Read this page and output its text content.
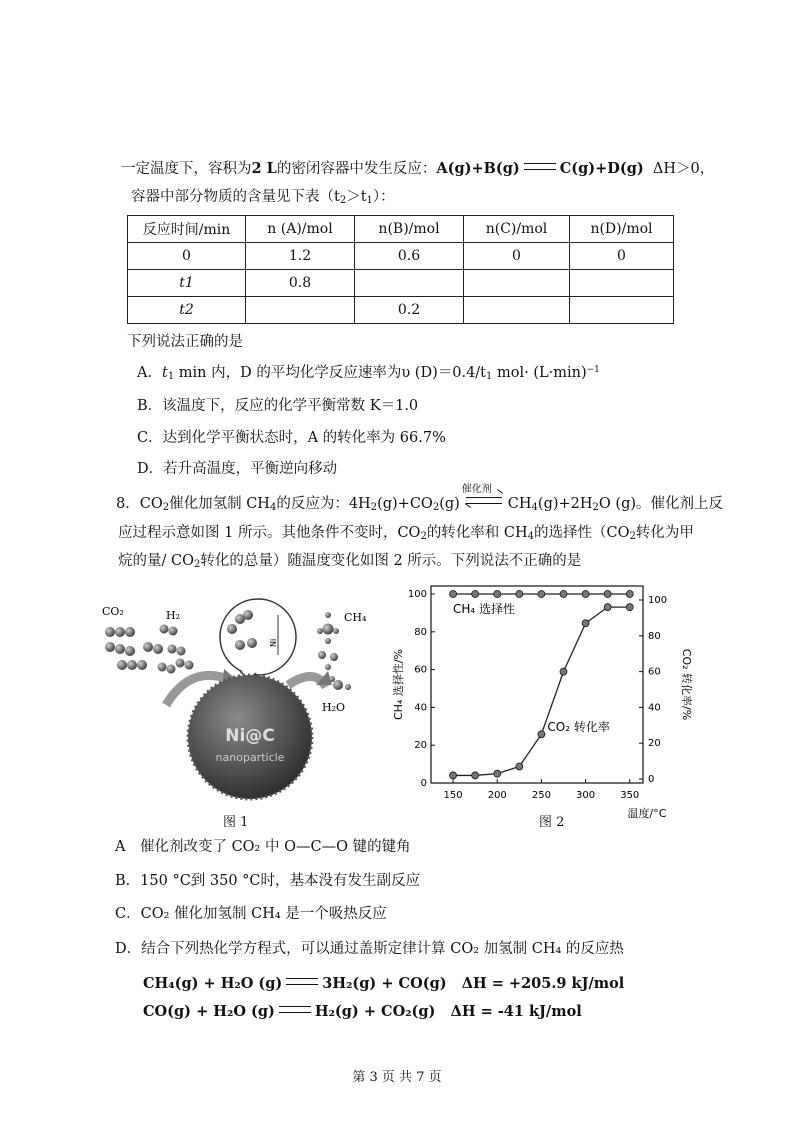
一定温度下，容积为2 L的密闭容器中发生反应：A(g)+B(g)	C(g)+D(g) ΔH＞0，
容器中部分物质的含量见下表$(t_2>t_1)$：
反应时间/min	n (A)/mol	n(B)/mol	n(C)/mol	n(D)/mol
0	1.2	0.6	0	0
t1	0.8			
t2		0.2		
下列说法正确的是
A．$t_1$ min 内，D 的平均化学反应速率为υ $(D)=0.4/t_1$ $mol\cdot (L\cdot\min)^{-1}$
B．该温度下，反应的化学平衡常数 K＝1.0
C．达到化学平衡状态时，A 的转化率为 66.7%
D．若升高温度，平衡逆向移动
8．$CO_2$催化加氢制 $CH_4$的反应为：$4H_2(g)+CO_2(g)$
催化剂
$CH_4(g)+2H_2O$ (g)。催化剂上反
应过程示意如图 1 所示。其他条件不变时，$CO_2$的转化率和 $CH_4$的选择性（$CO_2$转化为甲
烷的量/ $CO_2$转化的总量）随温度变化如图 2 所示。下列说法不正确的是
CO₂	H₂
Ni
CH₄
H₂O
Ni@C
nanoparticle
图 1
150	200	250	300	350
0
20
40
60
80
100
0
20
40
60
80
100
CH₄ 选择性
CO₂ 转化率
CH₄ 选择性/%	CO₂ 转化率/%
温度/°C
图 2
A　催化剂改变了 CO₂ 中 O—C—O 键的键角
B．150 °C到 350 °C时，基本没有发生副反应
C．CO₂ 催化加氢制 CH₄ 是一个吸热反应
D．结合下列热化学方程式，可以通过盖斯定律计算 CO₂ 加氢制 CH₄ 的反应热
CH₄(g) + H₂O (g)	3H₂(g) + CO(g) ΔH = +205.9 kJ/mol
CO(g) + H₂O (g)	H₂(g) + CO₂(g) ΔH = -41 kJ/mol
第 3 页 共 7 页
